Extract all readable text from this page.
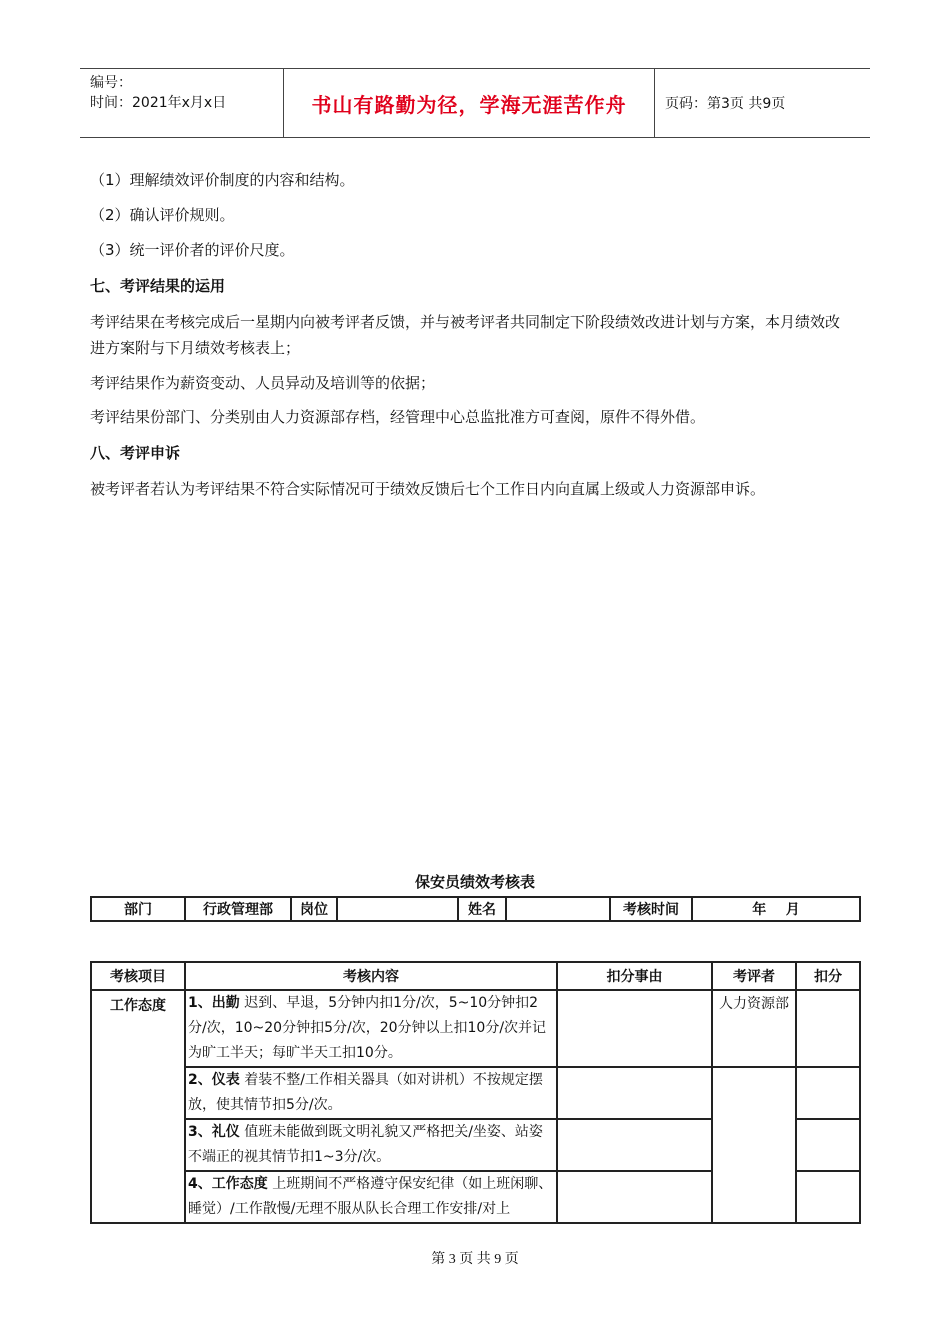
编号：
时间：2021年x月x日	书山有路勤为径，学海无涯苦作舟	页码：第3页 共9页
（1）理解绩效评价制度的内容和结构。
（2）确认评价规则。
（3）统一评价者的评价尺度。
七、考评结果的运用
考评结果在考核完成后一星期内向被考评者反馈，并与被考评者共同制定下阶段绩效改进计划与方案，本月绩效改进方案附与下月绩效考核表上；
考评结果作为薪资变动、人员异动及培训等的依据；
考评结果份部门、分类别由人力资源部存档，经管理中心总监批准方可查阅，原件不得外借。
八、考评申诉
被考评者若认为考评结果不符合实际情况可于绩效反馈后七个工作日内向直属上级或人力资源部申诉。
保安员绩效考核表
部门	行政管理部	岗位		姓名		考核时间	年    月
考核项目	考核内容	扣分事由	考评者	扣分
工作态度	1、出勤 迟到、早退，5分钟内扣1分/次，5~10分钟扣2分/次，10~20分钟扣5分/次，20分钟以上扣10分/次并记为旷工半天；每旷半天工扣10分。		人力资源部	
	2、仪表 着装不整/工作相关器具（如对讲机）不按规定摆放，使其情节扣5分/次。			
	3、礼仪 值班未能做到既文明礼貌又严格把关/坐姿、站姿不端正的视其情节扣1~3分/次。			
	4、工作态度 上班期间不严格遵守保安纪律（如上班闲聊、睡觉）/工作散慢/无理不服从队长合理工作安排/对上			
第 3 页 共 9 页
